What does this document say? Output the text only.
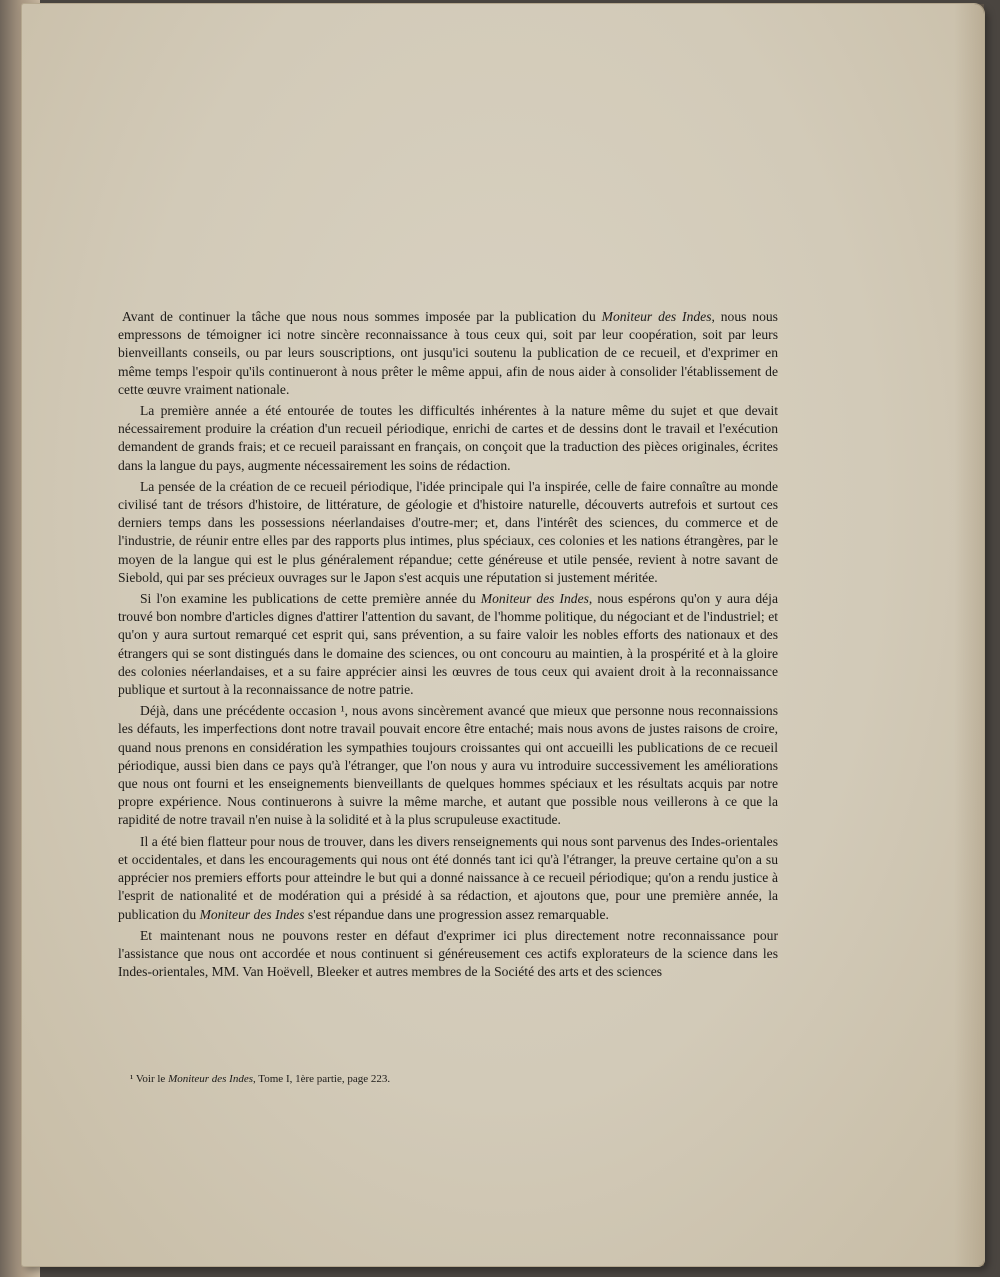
Avant de continuer la tâche que nous nous sommes imposée par la publication du Moniteur des Indes, nous nous empressons de témoigner ici notre sincère reconnaissance à tous ceux qui, soit par leur coopération, soit par leurs bienveillants conseils, ou par leurs souscriptions, ont jusqu'ici soutenu la publication de ce recueil, et d'exprimer en même temps l'espoir qu'ils continueront à nous prêter le même appui, afin de nous aider à consolider l'établissement de cette œuvre vraiment nationale.

La première année a été entourée de toutes les difficultés inhérentes à la nature même du sujet et que devait nécessairement produire la création d'un recueil périodique, enrichi de cartes et de dessins dont le travail et l'exécution demandent de grands frais; et ce recueil paraissant en français, on conçoit que la traduction des pièces originales, écrites dans la langue du pays, augmente nécessairement les soins de rédaction.

La pensée de la création de ce recueil périodique, l'idée principale qui l'a inspirée, celle de faire connaître au monde civilisé tant de trésors d'histoire, de littérature, de géologie et d'histoire naturelle, découverts autrefois et surtout ces derniers temps dans les possessions néerlandaises d'outre-mer; et, dans l'intérêt des sciences, du commerce et de l'industrie, de réunir entre elles par des rapports plus intimes, plus spéciaux, ces colonies et les nations étrangères, par le moyen de la langue qui est le plus généralement répandue; cette généreuse et utile pensée, revient à notre savant de Siebold, qui par ses précieux ouvrages sur le Japon s'est acquis une réputation si justement méritée.

Si l'on examine les publications de cette première année du Moniteur des Indes, nous espérons qu'on y aura déja trouvé bon nombre d'articles dignes d'attirer l'attention du savant, de l'homme politique, du négociant et de l'industriel; et qu'on y aura surtout remarqué cet esprit qui, sans prévention, a su faire valoir les nobles efforts des nationaux et des étrangers qui se sont distingués dans le domaine des sciences, ou ont concouru au maintien, à la prospérité et à la gloire des colonies néerlandaises, et a su faire apprécier ainsi les œuvres de tous ceux qui avaient droit à la reconnaissance publique et surtout à la reconnaissance de notre patrie.

Déjà, dans une précédente occasion ¹, nous avons sincèrement avancé que mieux que personne nous reconnaissions les défauts, les imperfections dont notre travail pouvait encore être entaché; mais nous avons de justes raisons de croire, quand nous prenons en considération les sympathies toujours croissantes qui ont accueilli les publications de ce recueil périodique, aussi bien dans ce pays qu'à l'étranger, que l'on nous y aura vu introduire successivement les améliorations que nous ont fourni et les enseignements bienveillants de quelques hommes spéciaux et les résultats acquis par notre propre expérience. Nous continuerons à suivre la même marche, et autant que possible nous veillerons à ce que la rapidité de notre travail n'en nuise à la solidité et à la plus scrupuleuse exactitude.

Il a été bien flatteur pour nous de trouver, dans les divers renseignements qui nous sont parvenus des Indes-orientales et occidentales, et dans les encouragements qui nous ont été donnés tant ici qu'à l'étranger, la preuve certaine qu'on a su apprécier nos premiers efforts pour atteindre le but qui a donné naissance à ce recueil périodique; qu'on a rendu justice à l'esprit de nationalité et de modération qui a présidé à sa rédaction, et ajoutons que, pour une première année, la publication du Moniteur des Indes s'est répandue dans une progression assez remarquable.

Et maintenant nous ne pouvons rester en défaut d'exprimer ici plus directement notre reconnaissance pour l'assistance que nous ont accordée et nous continuent si généreusement ces actifs explorateurs de la science dans les Indes-orientales, MM. Van Hoëvell, Bleeker et autres membres de la Société des arts et des sciences

¹ Voir le Moniteur des Indes, Tome I, 1ère partie, page 223.
